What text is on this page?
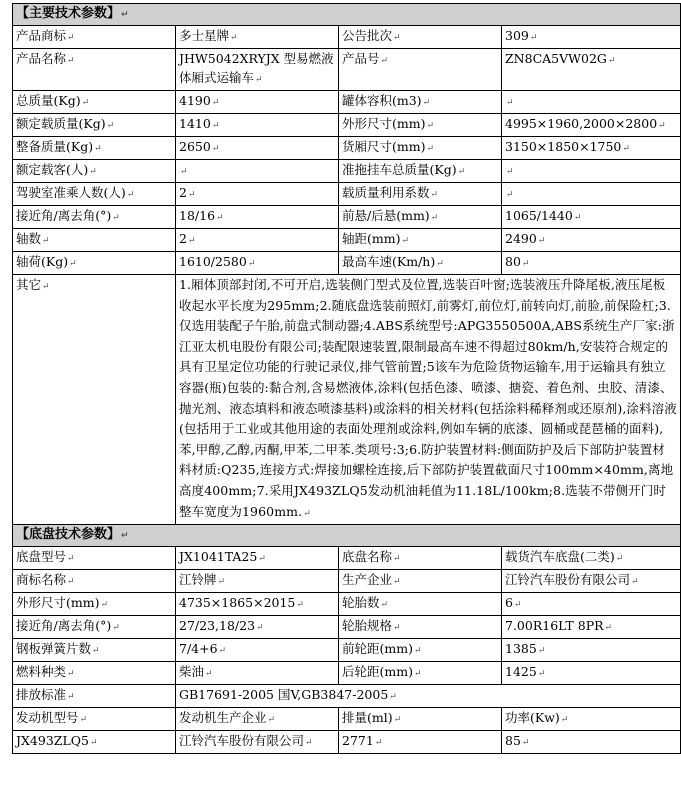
【主要技术参数】 ↵
产品商标 ↵	多士星牌 ↵	公告批次 ↵	309 ↵
产品名称 ↵	JHW5042XRYJX 型易燃液体厢式运输车 ↵	产品号 ↵	ZN8CA5VW02G ↵
总质量(Kg) ↵	4190 ↵	罐体容积(m3) ↵	↵
额定载质量(Kg) ↵	1410 ↵	外形尺寸(mm) ↵	4995×1960,2000×2800 ↵
整备质量(Kg) ↵	2650 ↵	货厢尺寸(mm) ↵	3150×1850×1750 ↵
额定载客(人) ↵	↵	准拖挂车总质量(Kg) ↵	↵
驾驶室准乘人数(人) ↵	2 ↵	载质量利用系数 ↵	↵
接近角/离去角(°) ↵	18/16 ↵	前悬/后悬(mm) ↵	1065/1440 ↵
轴数 ↵	2 ↵	轴距(mm) ↵	2490 ↵
轴荷(Kg) ↵	1610/2580 ↵	最高车速(Km/h) ↵	80 ↵
其它 ↵	1.厢体顶部封闭,不可开启,选装侧门型式及位置,选装百叶窗;选装液压升降尾板,液压尾板收起水平长度为295mm;2.随底盘选装前照灯,前雾灯,前位灯,前转向灯,前脸,前保险杠;3.仅选用装配子午胎,前盘式制动器;4.ABS系统型号:APG3550500A,ABS系统生产厂家:浙江亚太机电股份有限公司;装配限速装置,限制最高车速不得超过80km/h,安装符合规定的具有卫星定位功能的行驶记录仪,排气管前置;5该车为危险货物运输车,用于运输具有独立容器(瓶)包装的:黏合剂,含易燃液体,涂料(包括色漆、喷漆、搪瓷、着色剂、虫胶、清漆、抛光剂、液态填料和液态喷漆基料)或涂料的相关材料(包括涂料稀释剂或还原剂),涂料溶液(包括用于工业或其他用途的表面处理剂或涂料,例如车辆的底漆、圆桶或琵琶桶的面料),苯,甲醇,乙醇,丙酮,甲苯,二甲苯.类项号:3;6.防护装置材料:侧面防护及后下部防护装置材料材质:Q235,连接方式:焊接加螺栓连接,后下部防护装置截面尺寸100mm×40mm,离地高度400mm;7.采用JX493ZLQ5发动机油耗值为11.18L/100km;8.选装不带侧开门时整车宽度为1960mm. ↵
【底盘技术参数】 ↵
底盘型号 ↵	JX1041TA25 ↵	底盘名称 ↵	载货汽车底盘(二类) ↵
商标名称 ↵	江铃牌 ↵	生产企业 ↵	江铃汽车股份有限公司 ↵
外形尺寸(mm) ↵	4735×1865×2015 ↵	轮胎数 ↵	6 ↵
接近角/离去角(°) ↵	27/23,18/23 ↵	轮胎规格 ↵	7.00R16LT 8PR ↵
钢板弹簧片数 ↵	7/4+6 ↵	前轮距(mm) ↵	1385 ↵
燃料种类 ↵	柴油 ↵	后轮距(mm) ↵	1425 ↵
排放标准 ↵	GB17691-2005 国V,GB3847-2005 ↵
发动机型号 ↵	发动机生产企业 ↵	排量(ml) ↵	功率(Kw) ↵
JX493ZLQ5 ↵	江铃汽车股份有限公司 ↵	2771 ↵	85 ↵
